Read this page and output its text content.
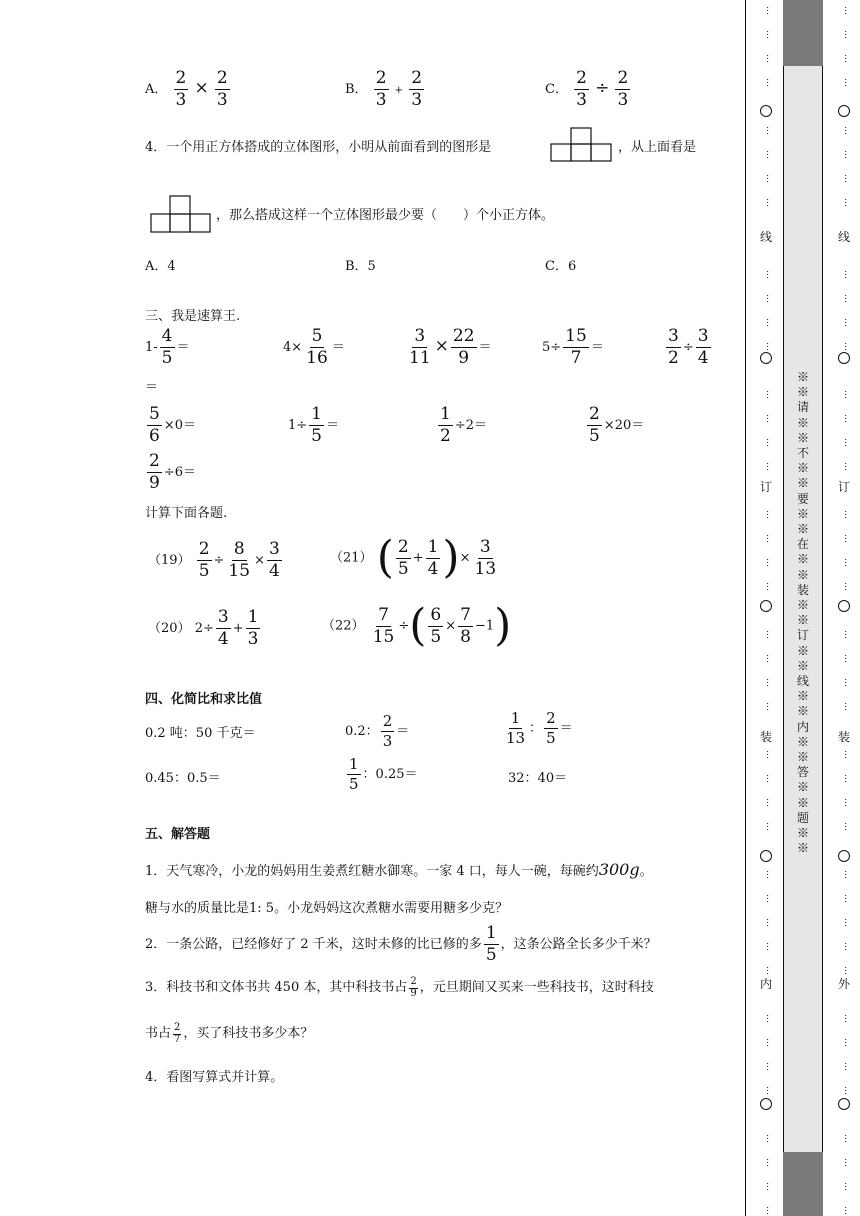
A． $\frac{2}{3} \times \frac{2}{3}$	B． $\frac{2}{3} + \frac{2}{3}$	C． $\frac{2}{3} \div \frac{2}{3}$
4．一个用正方体搭成的立体图形，小明从前面看到的图形是	，从上面看是
，那么搭成这样一个立体图形最少要（　　）个小正方体。
A．4	B．5	C．6
三、我是速算王.
$1- \frac{4}{5}$ ＝	$4\times \frac{5}{16}$ ＝	$\frac{3}{11} \times \frac{22}{9}$ ＝	$5\div \frac{15}{7}$ ＝	$\frac{3}{2} \div \frac{3}{4}$
＝
$\frac{5}{6} \times 0=$	$1\div \frac{1}{5}$ ＝	$\frac{1}{2} \div 2=$	$\frac{2}{5} \times 20=$
$\frac{2}{9} \div 6=$
计算下面各题.
$(19) \frac{2}{5} \div \frac{8}{15} \times \frac{3}{4}$	（21） ( $\frac{2}{5} + \frac{1}{4}$ )× $\frac{3}{13}$
（20） $2\div \frac{3}{4} + \frac{1}{3}$	$(22) \frac{7}{15}$ ÷( $\frac{6}{5} \times \frac{7}{8} -1$)
四、化简比和求比值
0.2 吨：50 千克＝	0.2： $\frac{2}{3}$ ＝	$\frac{1}{13}$ ： $\frac{2}{5}$ ＝
0.45：0.5＝	$\frac{1}{5}$ ：0.25＝	32：40＝
五、解答题
1．天气寒冷，小龙的妈妈用生姜煮红糖水御寒。一家 4 口，每人一碗，每碗约300g。
糖与水的质量比是1: 5。小龙妈妈这次煮糖水需要用糖多少克？
2．一条公路，已经修好了 2 千米，这时未修的比已修的多 $\frac{1}{5}$ ，这条公路全长多少千米？
3．科技书和文体书共 450 本，其中科技书占 $\frac{2}{9}$ ，元旦期间又买来一些科技书，这时科技
书占 $\frac{2}{7}$ ，买了科技书多少本？
4．看图写算式并计算。
※※请※※不※※要※※在※※装※※订※※线※※内※※答※※题※※
线
订
装
内
线
订
装
外
…
…
…
…
…
…
…
…
…
…
…
…
…
…
…
…
…
…
…
…
…
…
…
…
…
…
…
…
…
…
…
…
…
…
…
…
…
…
…
…
…
…
…
…
…
…
…
…
…
…
…
…
…
…
…
…
…
…
…
…
…
…
…
…
…
…
…
…
…
…
…
…
…
…
…
…
…
…
…
…
…
…
